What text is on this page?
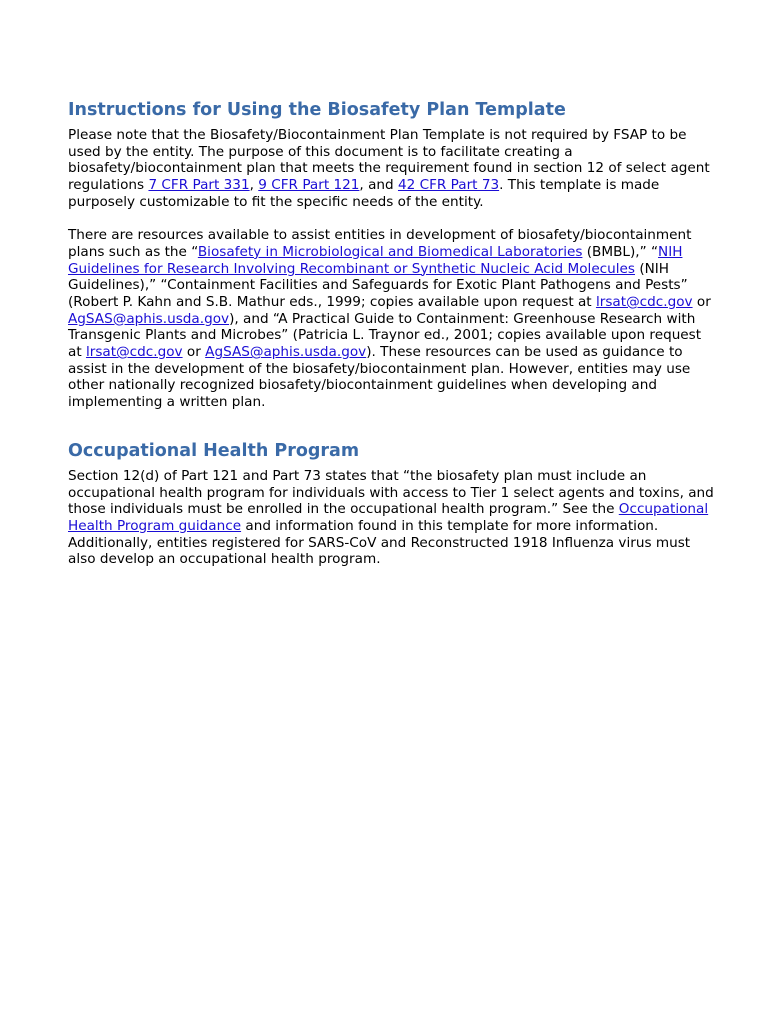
Instructions for Using the Biosafety Plan Template

Please note that the Biosafety/Biocontainment Plan Template is not required by FSAP to be used by the entity. The purpose of this document is to facilitate creating a biosafety/biocontainment plan that meets the requirement found in section 12 of select agent regulations 7 CFR Part 331, 9 CFR Part 121, and 42 CFR Part 73. This template is made purposely customizable to fit the specific needs of the entity.

There are resources available to assist entities in development of biosafety/biocontainment plans such as the “Biosafety in Microbiological and Biomedical Laboratories (BMBL),” “NIH Guidelines for Research Involving Recombinant or Synthetic Nucleic Acid Molecules (NIH Guidelines),” “Containment Facilities and Safeguards for Exotic Plant Pathogens and Pests” (Robert P. Kahn and S.B. Mathur eds., 1999; copies available upon request at lrsat@cdc.gov or AgSAS@aphis.usda.gov), and “A Practical Guide to Containment: Greenhouse Research with Transgenic Plants and Microbes” (Patricia L. Traynor ed., 2001; copies available upon request at lrsat@cdc.gov or AgSAS@aphis.usda.gov). These resources can be used as guidance to assist in the development of the biosafety/biocontainment plan. However, entities may use other nationally recognized biosafety/biocontainment guidelines when developing and implementing a written plan.

Occupational Health Program

Section 12(d) of Part 121 and Part 73 states that “the biosafety plan must include an occupational health program for individuals with access to Tier 1 select agents and toxins, and those individuals must be enrolled in the occupational health program.” See the Occupational Health Program guidance and information found in this template for more information. Additionally, entities registered for SARS-CoV and Reconstructed 1918 Influenza virus must also develop an occupational health program.
